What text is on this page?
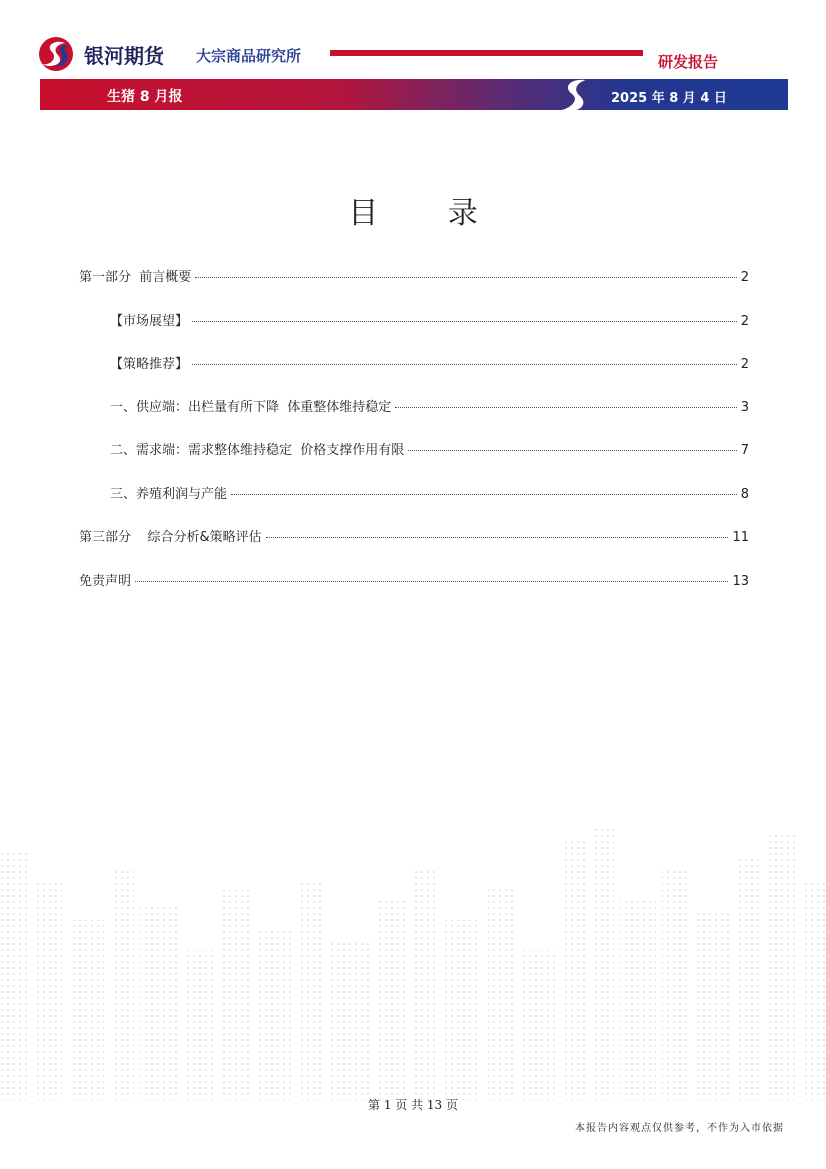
银河期货 大宗商品研究所	研发报告
生猪 8 月报	2025 年 8 月 4 日
目 录
第一部分  前言概要	2
【市场展望】	2
【策略推荐】	2
一、供应端：出栏量有所下降  体重整体维持稳定	3
二、需求端：需求整体维持稳定  价格支撑作用有限	7
三、养殖利润与产能	8
第三部分    综合分析&策略评估	11
免责声明	13
第 1 页 共 13 页
本报告内容观点仅供参考，不作为入市依据
